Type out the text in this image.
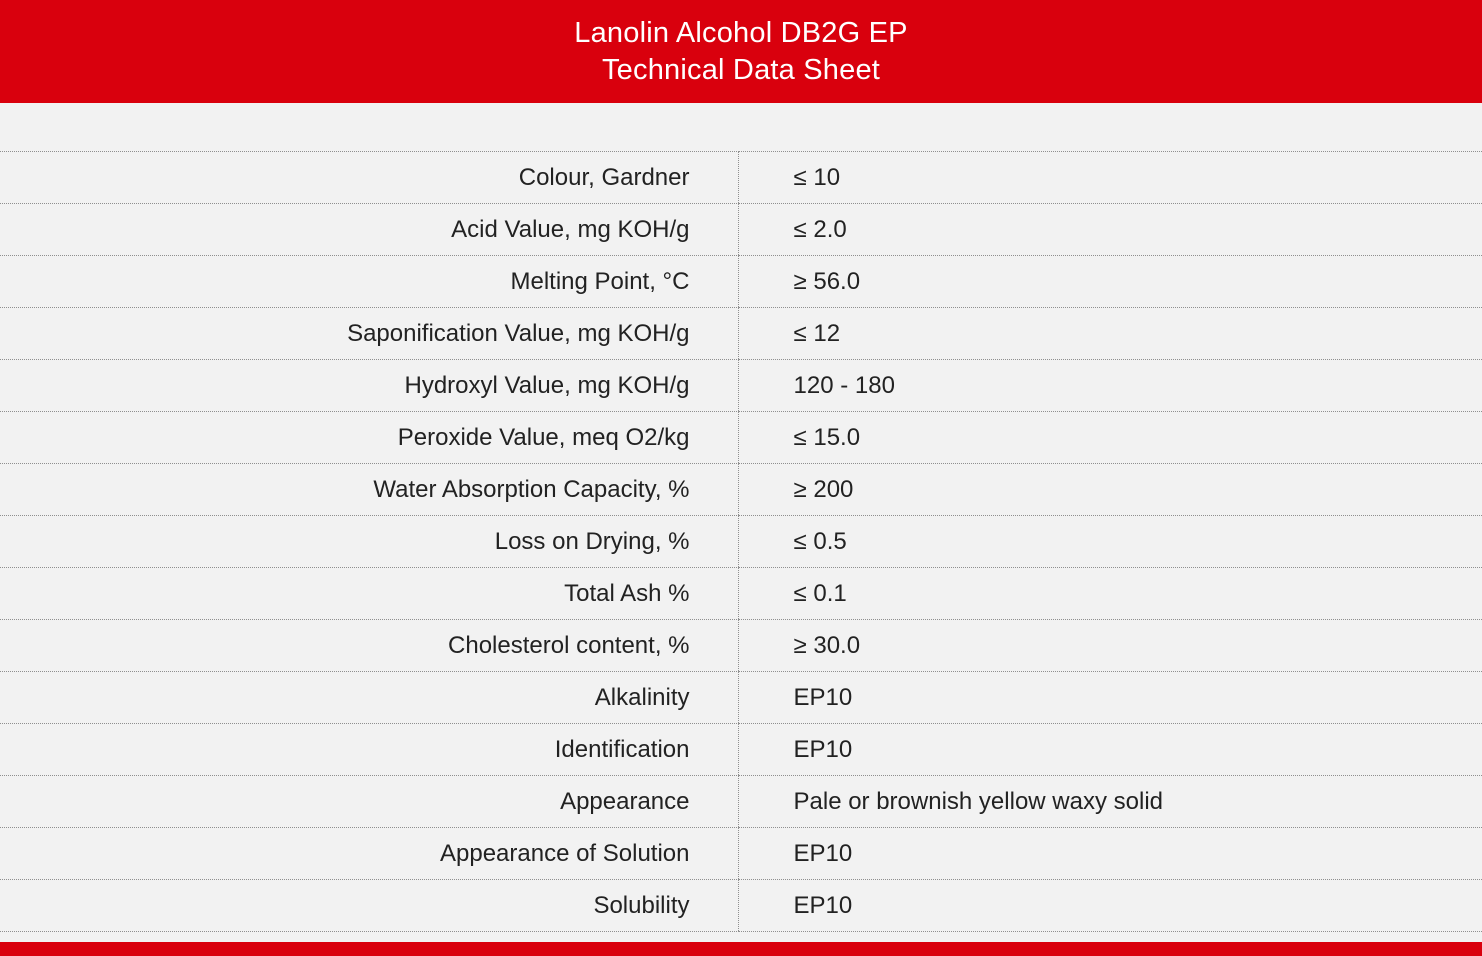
Lanolin Alcohol DB2G EP
Technical Data Sheet
Colour, Gardner	≤ 10
Acid Value, mg KOH/g	≤ 2.0
Melting Point, °C	≥ 56.0
Saponification Value, mg KOH/g	≤ 12
Hydroxyl Value, mg KOH/g	120 - 180
Peroxide Value, meq O2/kg	≤ 15.0
Water Absorption Capacity, %	≥ 200
Loss on Drying, %	≤ 0.5
Total Ash %	≤ 0.1
Cholesterol content, %	≥ 30.0
Alkalinity	EP10
Identification	EP10
Appearance	Pale or brownish yellow waxy solid
Appearance of Solution	EP10
Solubility	EP10
